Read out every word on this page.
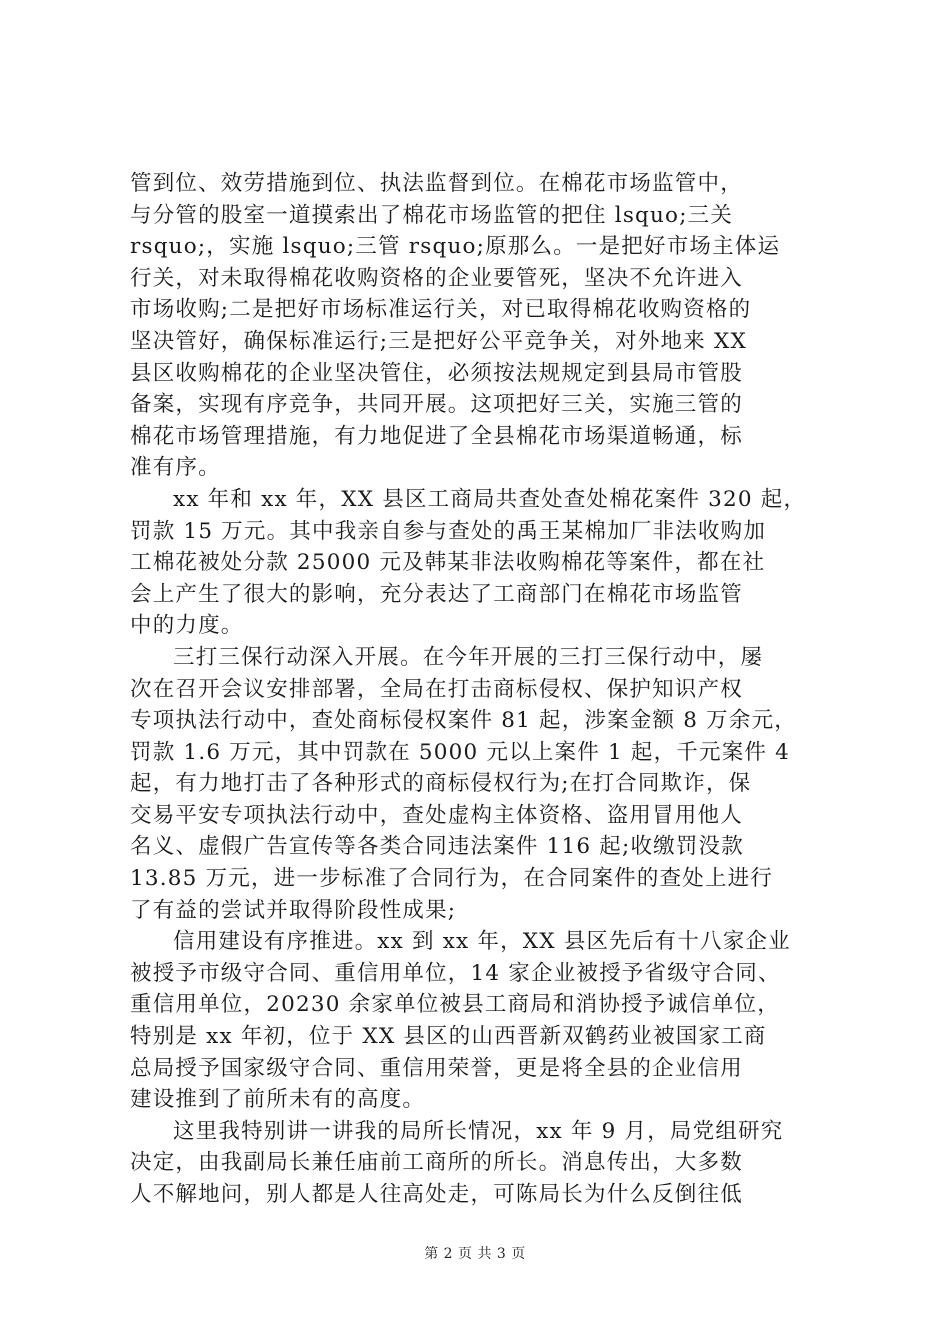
管到位、效劳措施到位、执法监督到位。在棉花市场监管中，
与分管的股室一道摸索出了棉花市场监管的把住 lsquo;三关
rsquo;，实施 lsquo;三管 rsquo;原那么。一是把好市场主体运
行关，对未取得棉花收购资格的企业要管死，坚决不允许进入
市场收购;二是把好市场标准运行关，对已取得棉花收购资格的
坚决管好，确保标准运行;三是把好公平竞争关，对外地来 XX
县区收购棉花的企业坚决管住，必须按法规规定到县局市管股
备案，实现有序竞争，共同开展。这项把好三关，实施三管的
棉花市场管理措施，有力地促进了全县棉花市场渠道畅通，标
准有序。
xx 年和 xx 年，XX 县区工商局共查处查处棉花案件 320 起，
罚款 15 万元。其中我亲自参与查处的禹王某棉加厂非法收购加
工棉花被处分款 25000 元及韩某非法收购棉花等案件，都在社
会上产生了很大的影响，充分表达了工商部门在棉花市场监管
中的力度。
三打三保行动深入开展。在今年开展的三打三保行动中，屡
次在召开会议安排部署，全局在打击商标侵权、保护知识产权
专项执法行动中，查处商标侵权案件 81 起，涉案金额 8 万余元，
罚款 1.6 万元，其中罚款在 5000 元以上案件 1 起，千元案件 4
起，有力地打击了各种形式的商标侵权行为;在打合同欺诈，保
交易平安专项执法行动中，查处虚构主体资格、盗用冒用他人
名义、虚假广告宣传等各类合同违法案件 116 起;收缴罚没款
13.85 万元，进一步标准了合同行为，在合同案件的查处上进行
了有益的尝试并取得阶段性成果;
信用建设有序推进。xx 到 xx 年，XX 县区先后有十八家企业
被授予市级守合同、重信用单位，14 家企业被授予省级守合同、
重信用单位，20230 余家单位被县工商局和消协授予诚信单位，
特别是 xx 年初，位于 XX 县区的山西晋新双鹤药业被国家工商
总局授予国家级守合同、重信用荣誉，更是将全县的企业信用
建设推到了前所未有的高度。
这里我特别讲一讲我的局所长情况，xx 年 9 月，局党组研究
决定，由我副局长兼任庙前工商所的所长。消息传出，大多数
人不解地问，别人都是人往高处走，可陈局长为什么反倒往低
第 2 页 共 3 页
